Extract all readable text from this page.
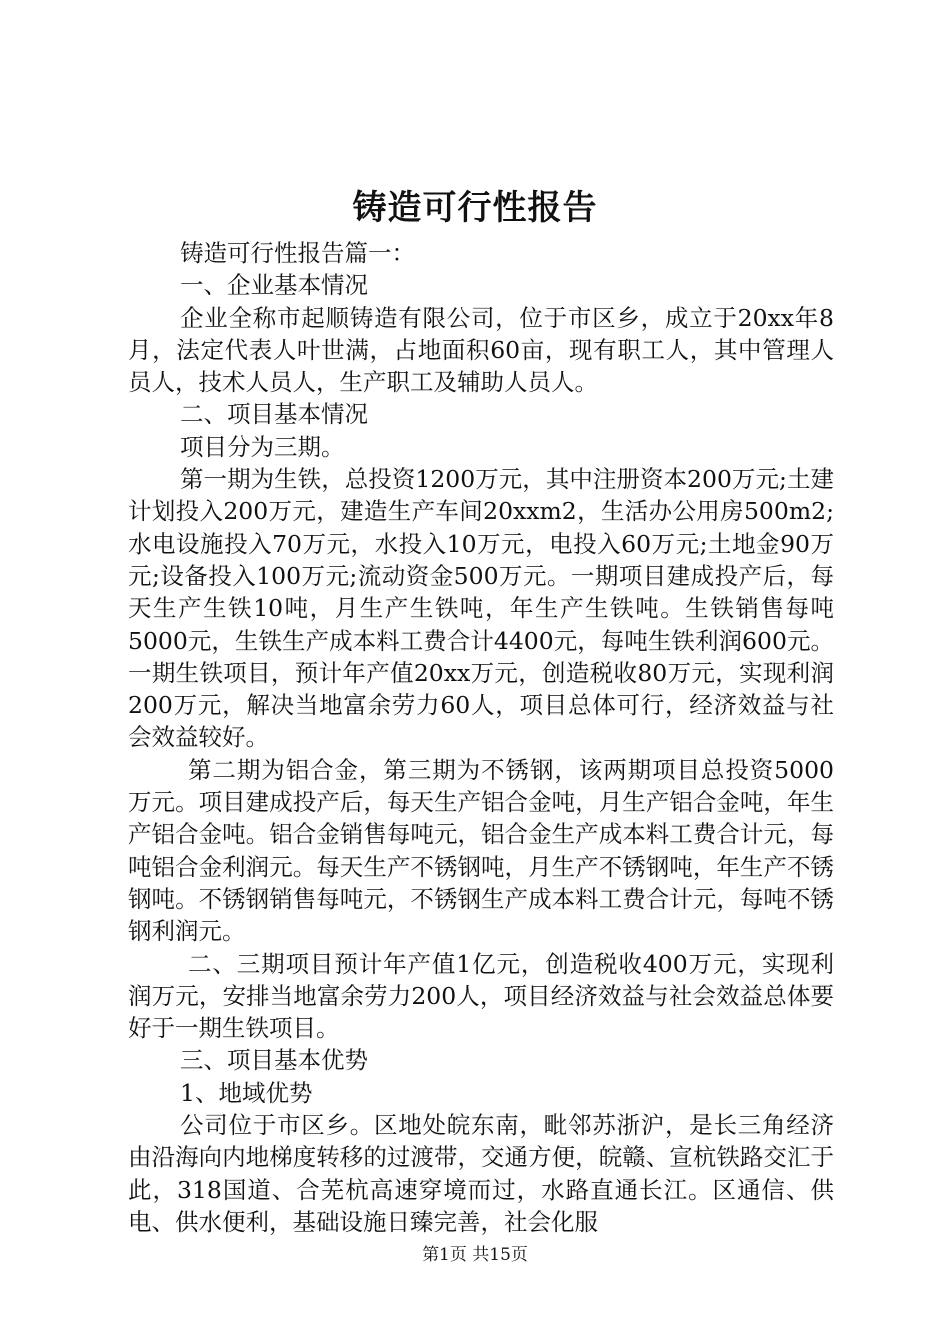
铸造可行性报告

铸造可行性报告篇一：

一、企业基本情况

企业全称市起顺铸造有限公司，位于市区乡，成立于20xx年8月，法定代表人叶世满，占地面积60亩，现有职工人，其中管理人员人，技术人员人，生产职工及辅助人员人。

二、项目基本情况

项目分为三期。

第一期为生铁，总投资1200万元，其中注册资本200万元;土建计划投入200万元，建造生产车间20xxm2，生活办公用房500m2;水电设施投入70万元，水投入10万元，电投入60万元;土地金90万元;设备投入100万元;流动资金500万元。一期项目建成投产后，每天生产生铁10吨，月生产生铁吨，年生产生铁吨。生铁销售每吨5000元，生铁生产成本料工费合计4400元，每吨生铁利润600元。一期生铁项目，预计年产值20xx万元，创造税收80万元，实现利润200万元，解决当地富余劳力60人，项目总体可行，经济效益与社会效益较好。

第二期为铝合金，第三期为不锈钢，该两期项目总投资5000万元。项目建成投产后，每天生产铝合金吨，月生产铝合金吨，年生产铝合金吨。铝合金销售每吨元，铝合金生产成本料工费合计元，每吨铝合金利润元。每天生产不锈钢吨，月生产不锈钢吨，年生产不锈钢吨。不锈钢销售每吨元，不锈钢生产成本料工费合计元，每吨不锈钢利润元。

二、三期项目预计年产值1亿元，创造税收400万元，实现利润万元，安排当地富余劳力200人，项目经济效益与社会效益总体要好于一期生铁项目。

三、项目基本优势

1、地域优势

公司位于市区乡。区地处皖东南，毗邻苏浙沪，是长三角经济由沿海向内地梯度转移的过渡带，交通方便，皖赣、宣杭铁路交汇于此，318国道、合芜杭高速穿境而过，水路直通长江。区通信、供电、供水便利，基础设施日臻完善，社会化服

第1页 共15页
